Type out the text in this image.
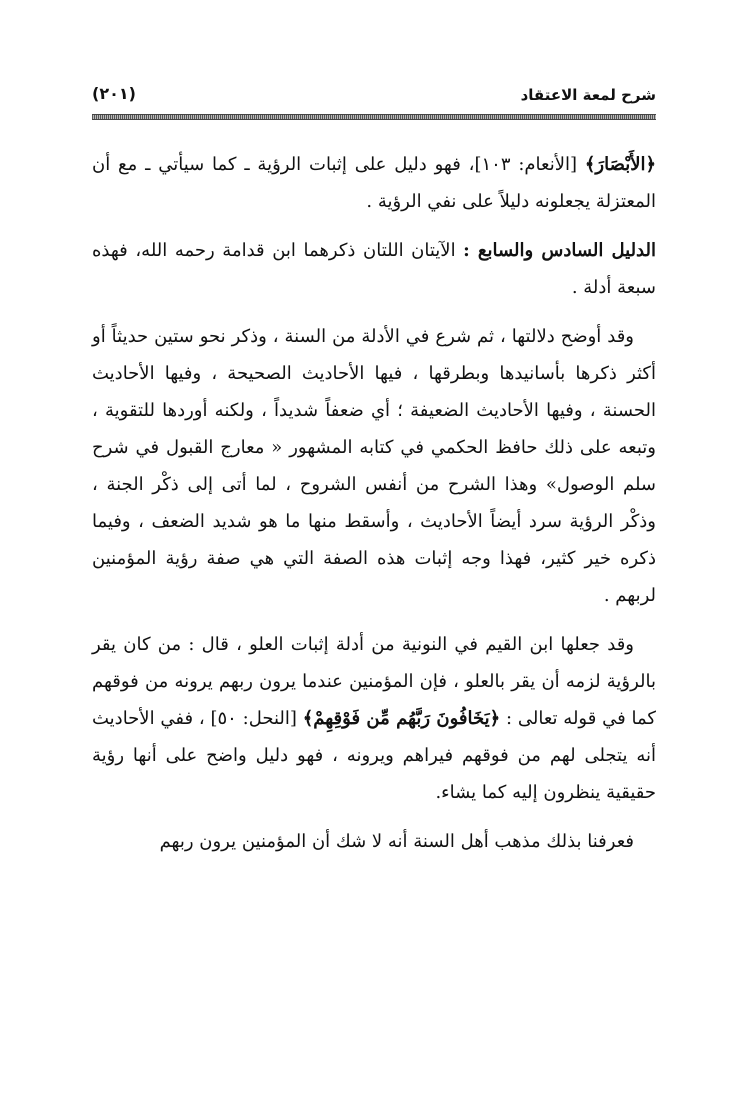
شرح لمعة الاعتقاد
(٢٠١)

﴿الأَبْصَارَ﴾ [الأنعام: ١٠٣]، فهو دليل على إثبات الرؤية ـ كما سيأتي ـ مع أن المعتزلة يجعلونه دليلاً على نفي الرؤية .

الدليل السادس والسابع : الآيتان اللتان ذكرهما ابن قدامة رحمه الله، فهذه سبعة أدلة .

وقد أوضح دلالتها ، ثم شرع في الأدلة من السنة ، وذكر نحو ستين حديثاً أو أكثر ذكرها بأسانيدها وبطرقها ، فيها الأحاديث الصحيحة ، وفيها الأحاديث الحسنة ، وفيها الأحاديث الضعيفة ؛ أي ضعفاً شديداً ، ولكنه أوردها للتقوية ، وتبعه على ذلك حافظ الحكمي في كتابه المشهور « معارج القبول في شرح سلم الوصول» وهذا الشرح من أنفس الشروح ، لما أتى إلى ذكْر الجنة ، وذكْر الرؤية سرد أيضاً الأحاديث ، وأسقط منها ما هو شديد الضعف ، وفيما ذكره خير كثير، فهذا وجه إثبات هذه الصفة التي هي صفة رؤية المؤمنين لربهم .

وقد جعلها ابن القيم في النونية من أدلة إثبات العلو ، قال : من كان يقر بالرؤية لزمه أن يقر بالعلو ، فإن المؤمنين عندما يرون ربهم يرونه من فوقهم كما في قوله تعالى : ﴿يَخَافُونَ رَبَّهُم مِّن فَوْقِهِمْ﴾ [النحل: ٥٠] ، ففي الأحاديث أنه يتجلى لهم من فوقهم فيراهم ويرونه ، فهو دليل واضح على أنها رؤية حقيقية ينظرون إليه كما يشاء.

فعرفنا بذلك مذهب أهل السنة أنه لا شك أن المؤمنين يرون ربهم
